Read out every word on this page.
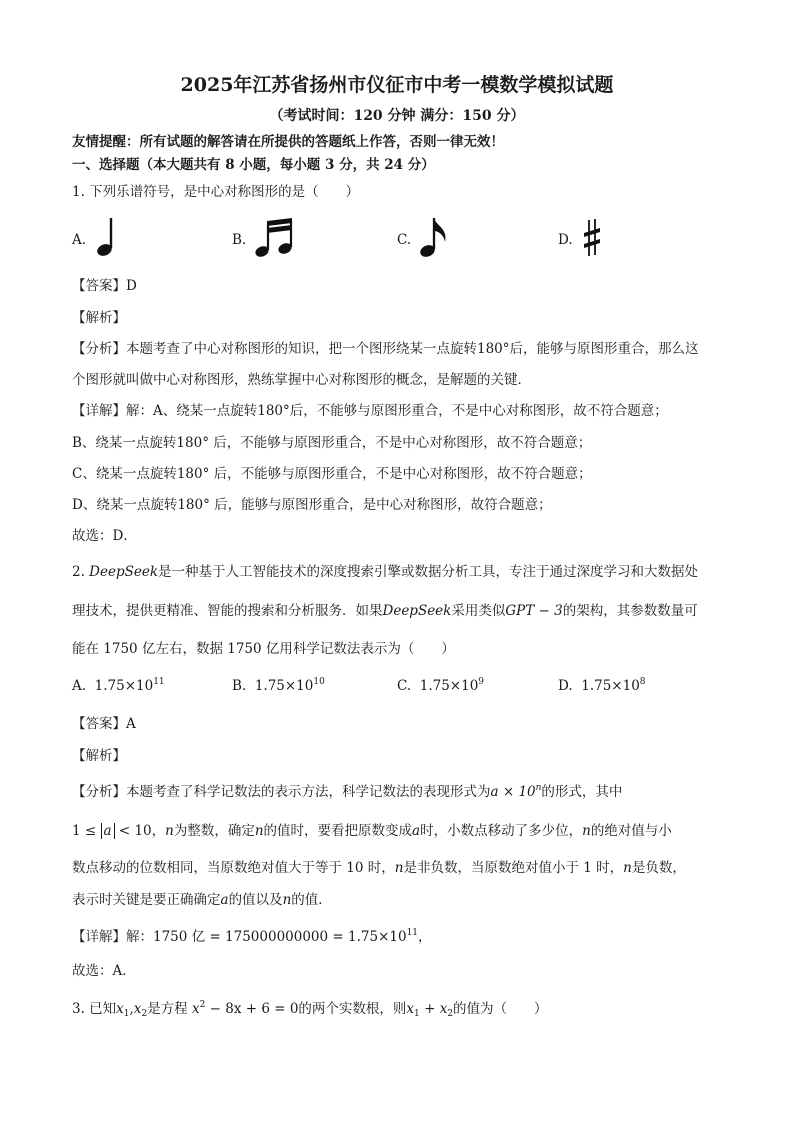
2025年江苏省扬州市仪征市中考一模数学模拟试题
（考试时间：120 分钟 满分：150 分）
友情提醒：所有试题的解答请在所提供的答题纸上作答，否则一律无效！
一、选择题（本大题共有 8 小题，每小题 3 分，共 24 分）
1. 下列乐谱符号，是中心对称图形的是（　　）
A.	B.	C.	D.
【答案】D
【解析】
【分析】本题考查了中心对称图形的知识，把一个图形绕某一点旋转180°后，能够与原图形重合，那么这
个图形就叫做中心对称图形，熟练掌握中心对称图形的概念，是解题的关键．
【详解】解：A、绕某一点旋转180°后，不能够与原图形重合，不是中心对称图形，故不符合题意；
B、绕某一点旋转180° 后，不能够与原图形重合，不是中心对称图形，故不符合题意；
C、绕某一点旋转180° 后，不能够与原图形重合，不是中心对称图形，故不符合题意；
D、绕某一点旋转180° 后，能够与原图形重合，是中心对称图形，故符合题意；
故选：D．
2. DeepSeek是一种基于人工智能技术的深度搜索引擎或数据分析工具，专注于通过深度学习和大数据处
理技术，提供更精准、智能的搜索和分析服务．如果DeepSeek采用类似GPT − 3的架构，其参数数量可
能在 1750 亿左右，数据 1750 亿用科学记数法表示为（　　）
A. $1.75\times 10^{11}$	B. $1.75\times 10^{10}$	C. $1.75\times 10^9$	D. $1.75\times 10^8$
【答案】A
【解析】
【分析】本题考查了科学记数法的表示方法，科学记数法的表现形式为$a \times 10^n$的形式，其中
1 ≤ a < 10，n为整数，确定n的值时，要看把原数变成a时，小数点移动了多少位，n的绝对值与小
数点移动的位数相同，当原数绝对值大于等于 10 时，n是非负数，当原数绝对值小于 1 时，n是负数，
表示时关键是要正确确定a的值以及n的值．
【详解】解：1750 亿 = $175000000000 = 1.75\times 10^{11}$，
故选：A．
3. 已知$x_1,x_2$是方程 $x^2 - 8x + 6 = 0$的两个实数根，则$x_1 + x_2$的值为（　　）
